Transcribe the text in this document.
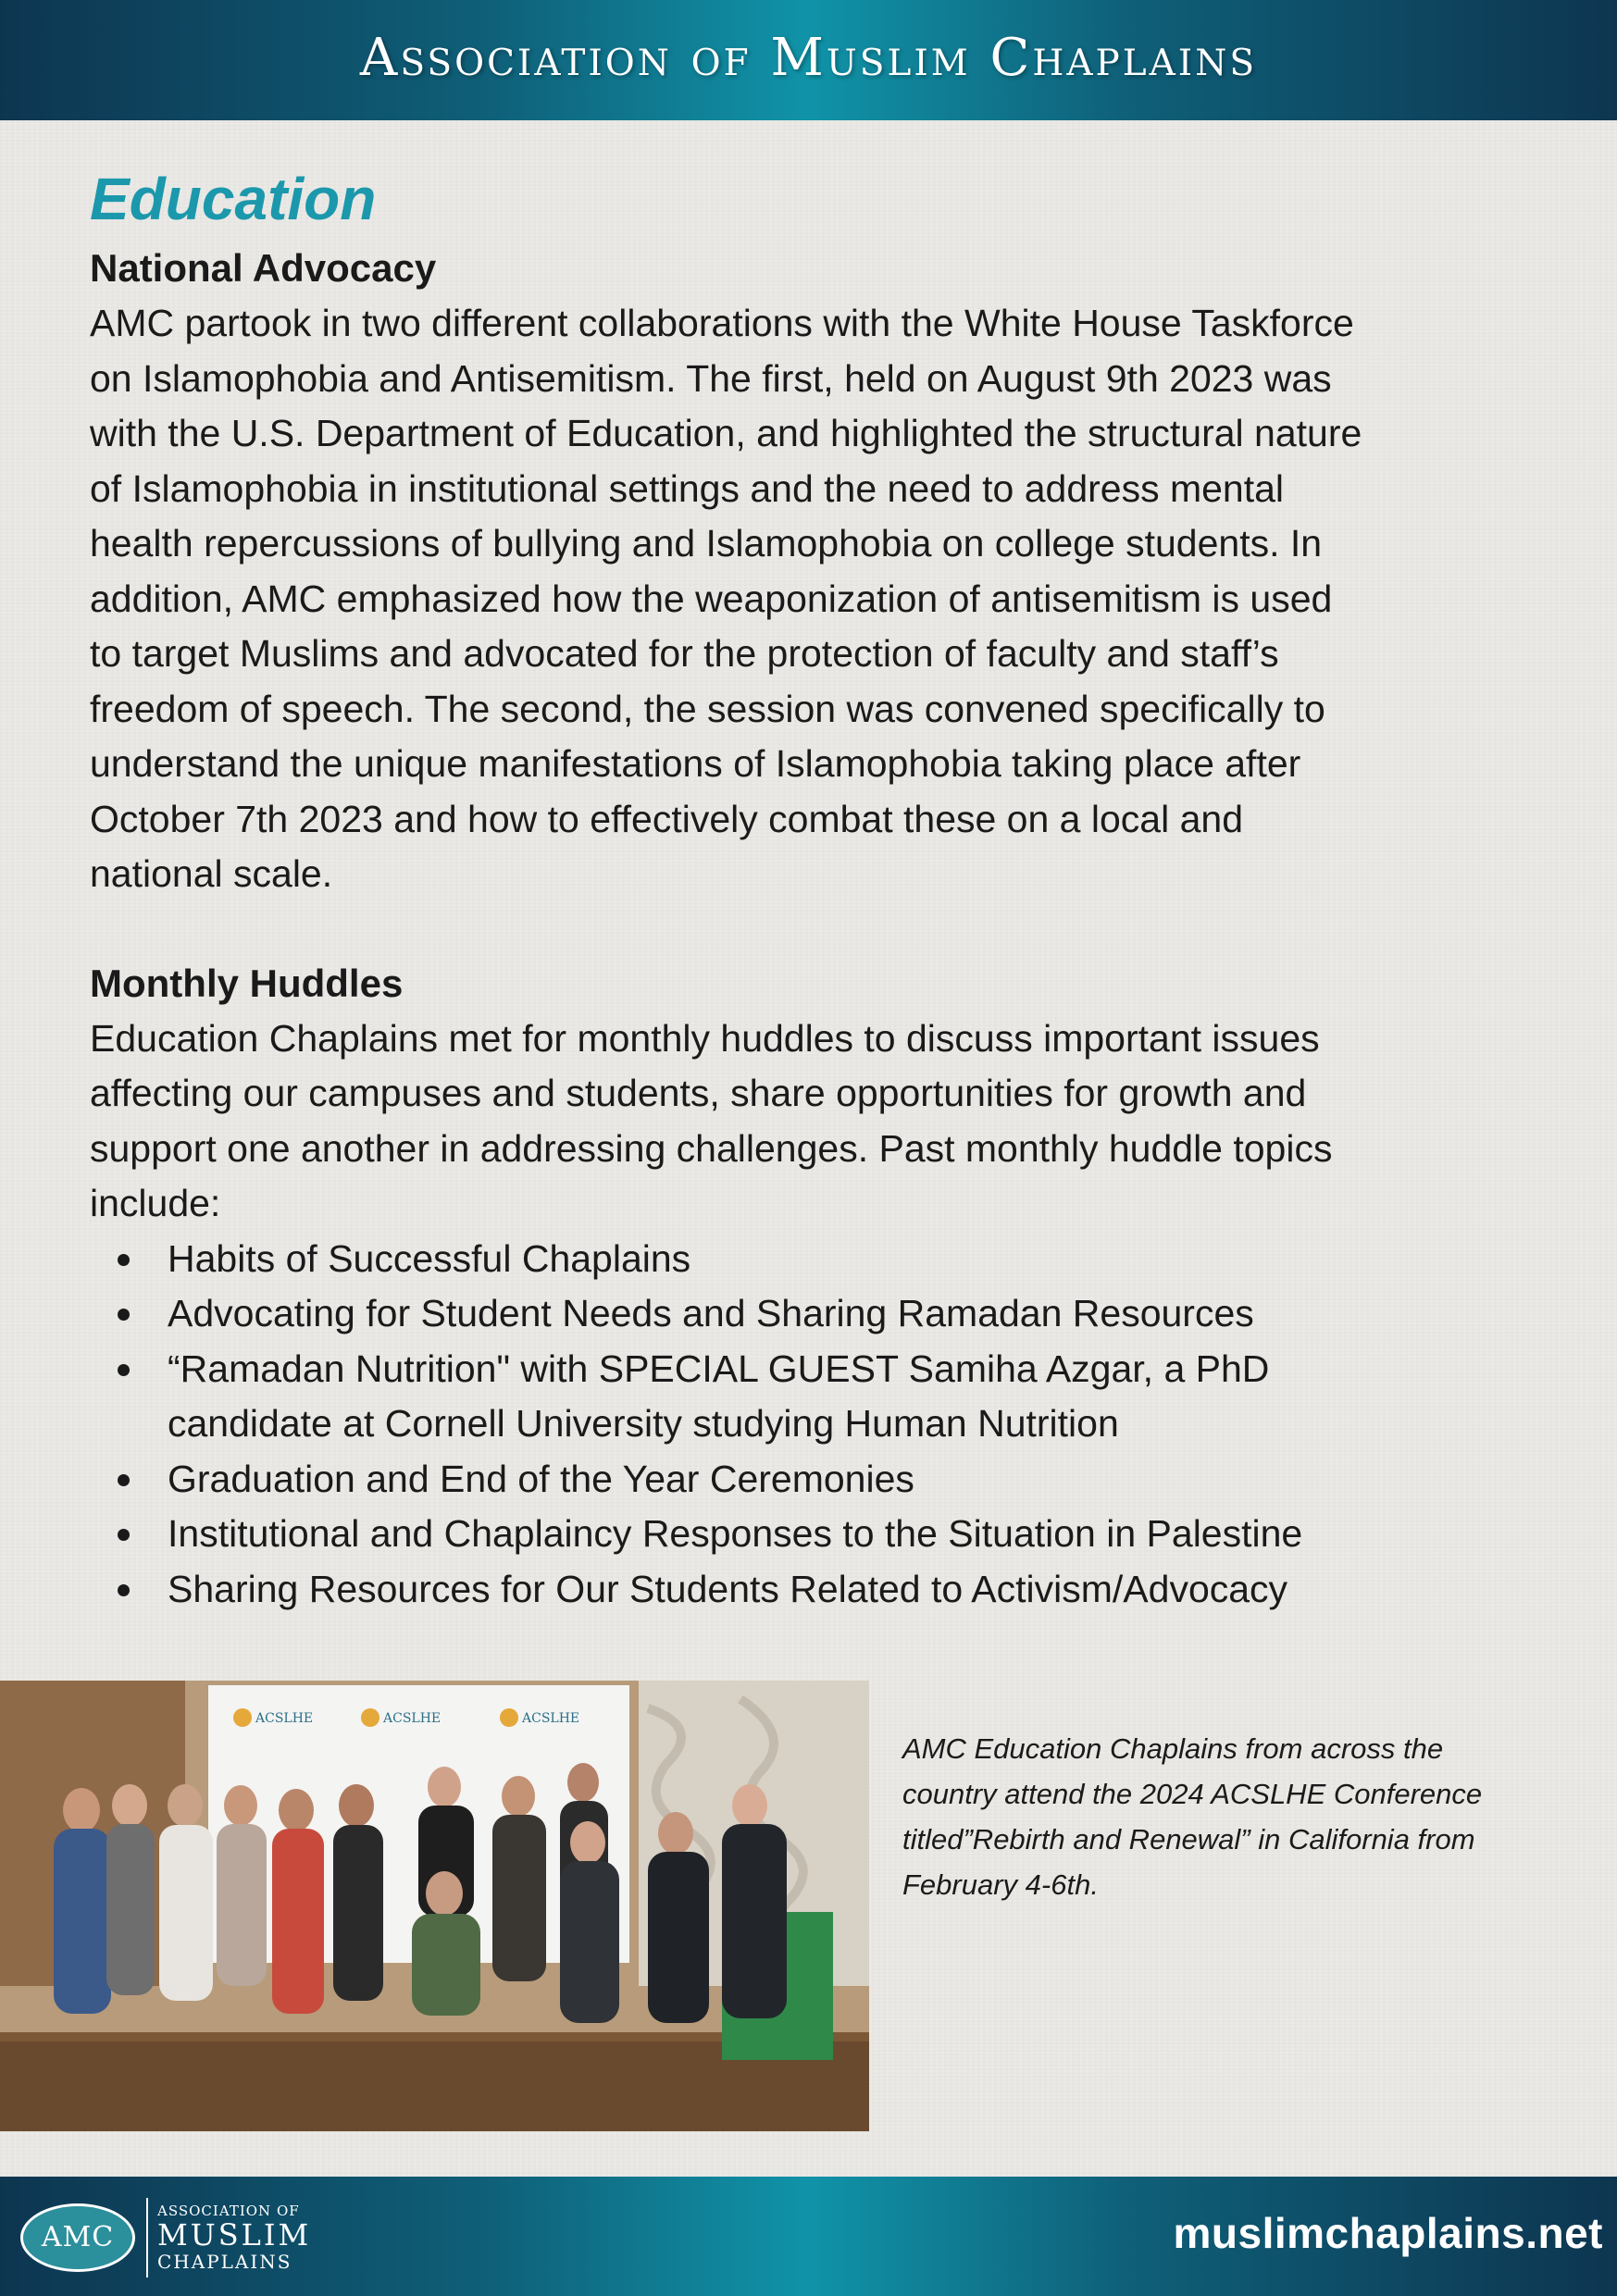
Association of Muslim Chaplains
Education
National Advocacy

AMC partook in two different collaborations with the White House Taskforce
on Islamophobia and Antisemitism. The first, held on August 9th 2023 was
with the U.S. Department of Education, and highlighted the structural nature
of Islamophobia in institutional settings and the need to address mental
health repercussions of bullying and Islamophobia on college students. In
addition, AMC emphasized how the weaponization of antisemitism is used
to target Muslims and advocated for the protection of faculty and staff’s
freedom of speech. The second, the session was convened specifically to
understand the unique manifestations of Islamophobia taking place after
October 7th 2023 and how to effectively combat these on a local and
national scale.

Monthly Huddles

Education Chaplains met for monthly huddles to discuss important issues
affecting our campuses and students, share opportunities for growth and
support one another in addressing challenges. Past monthly huddle topics
include:

Habits of Successful Chaplains
Advocating for Student Needs and Sharing Ramadan Resources
“Ramadan Nutrition" with SPECIAL GUEST Samiha Azgar, a PhD
candidate at Cornell University studying Human Nutrition
Graduation and End of the Year Ceremonies
Institutional and Chaplaincy Responses to the Situation in Palestine
Sharing Resources for Our Students Related to Activism/Advocacy
ACSLHE	ACSLHE	ACSLHE
AMC Education Chaplains from across the
country attend the 2024 ACSLHE Conference
titled”Rebirth and Renewal” in California from
February 4-6th.
AMC
ASSOCIATION OF
MUSLIM
CHAPLAINS
muslimchaplains.net
